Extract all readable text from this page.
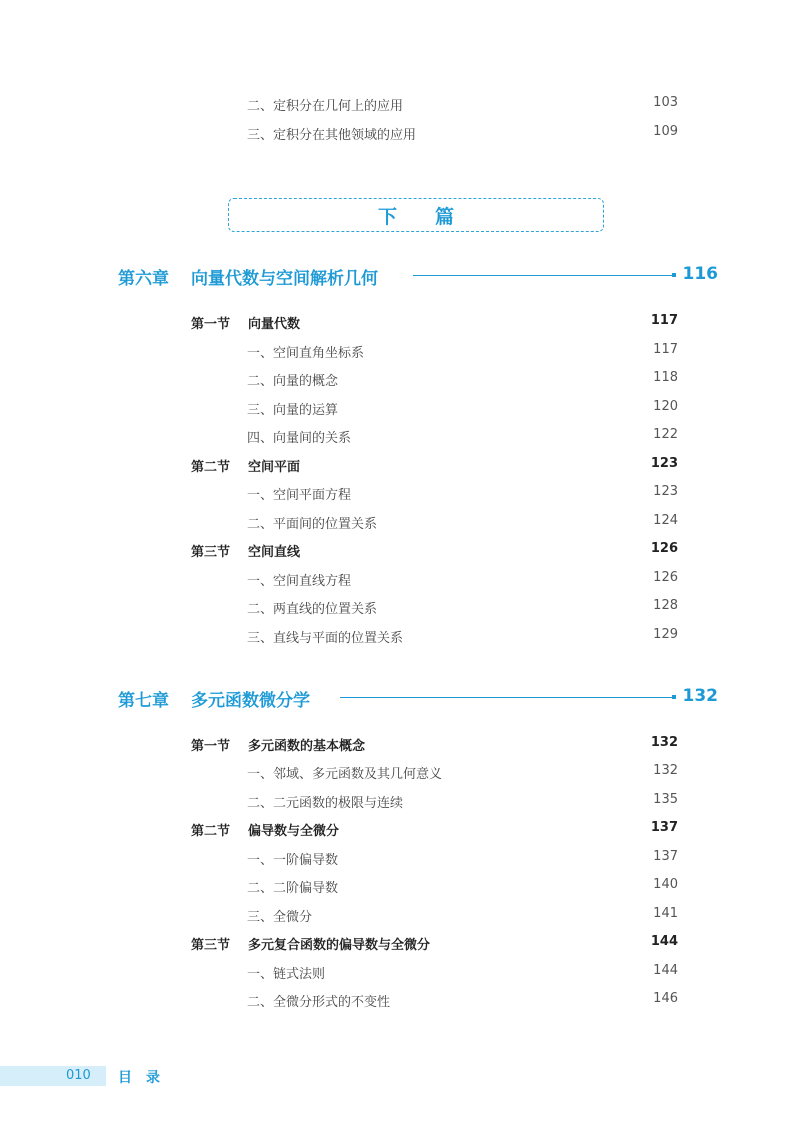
二、定积分在几何上的应用	103
三、定积分在其他领域的应用	109
下篇
第六章 向量代数与空间解析几何	116
第一节 向量代数	117
一、空间直角坐标系	117
二、向量的概念	118
三、向量的运算	120
四、向量间的关系	122
第二节 空间平面	123
一、空间平面方程	123
二、平面间的位置关系	124
第三节 空间直线	126
一、空间直线方程	126
二、两直线的位置关系	128
三、直线与平面的位置关系	129
第七章 多元函数微分学	132
第一节 多元函数的基本概念	132
一、邻域、多元函数及其几何意义	132
二、二元函数的极限与连续	135
第二节 偏导数与全微分	137
一、一阶偏导数	137
二、二阶偏导数	140
三、全微分	141
第三节 多元复合函数的偏导数与全微分	144
一、链式法则	144
二、全微分形式的不变性	146
010 目录
